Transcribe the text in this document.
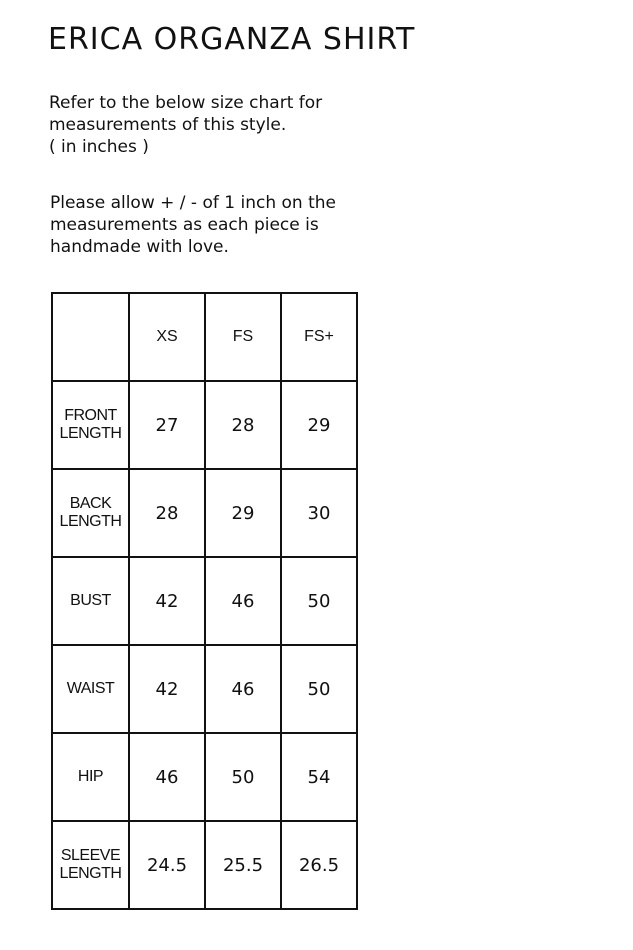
ERICA ORGANZA SHIRT
Refer to the below size chart for
measurements of this style.
( in inches )
Please allow + / - of 1 inch on the
measurements as each piece is
handmade with love.
	XS	FS	FS+

FRONT
LENGTH	27	28	29

BACK
LENGTH	28	29	30

BUST	42	46	50

WAIST	42	46	50

HIP	46	50	54

SLEEVE
LENGTH	24.5	25.5	26.5
